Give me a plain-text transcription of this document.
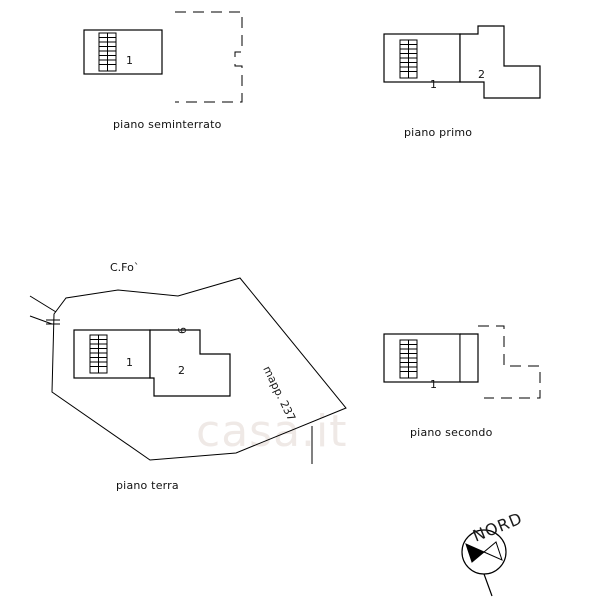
casa.it
1
piano seminterrato
1
2
piano primo
1
2
C.Fo`
mapp. 237
6
piano terra
1
piano secondo
NORD
